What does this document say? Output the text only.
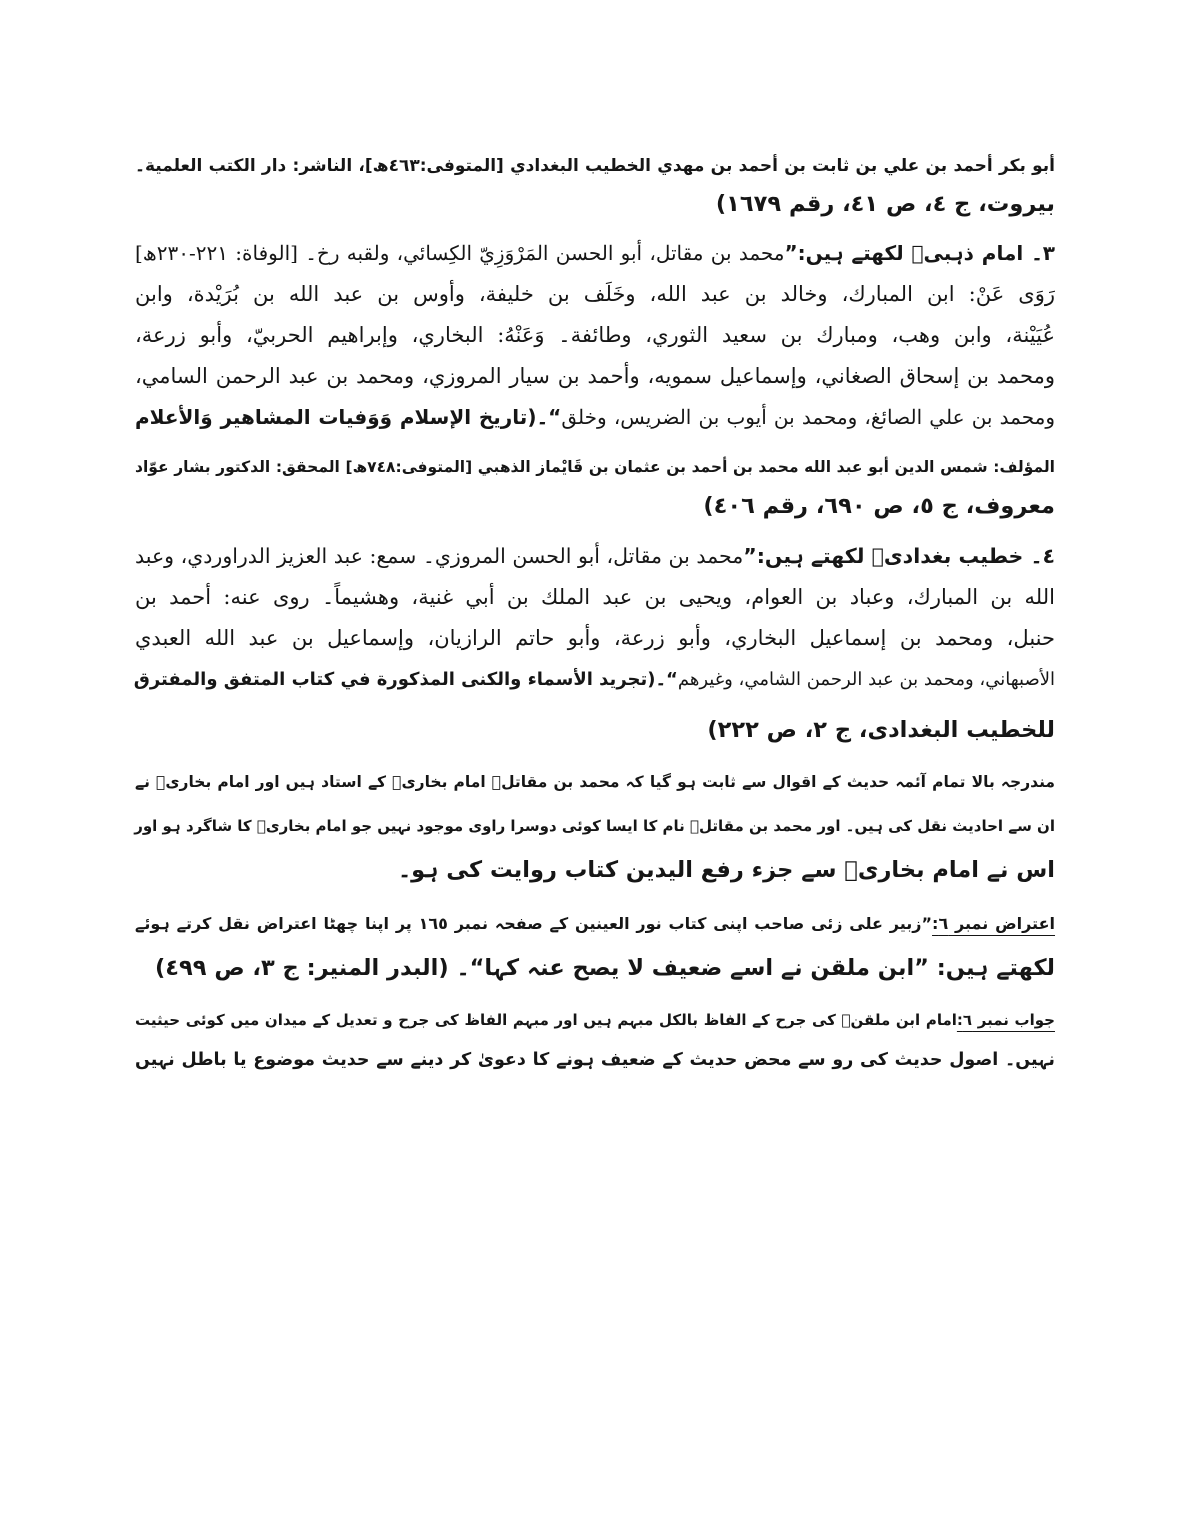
أبو بكر أحمد بن علي بن ثابت بن أحمد بن مهدي الخطيب البغدادي [المتوفى:٤٦٣ھ]، الناشر: دار الكتب العلمية۔

بیروت، ج ٤، ص ٤١، رقم ١٦٧٩)

٣۔ امام ذہبیؒ لکھتے ہیں:”محمد بن مقاتل، أبو الحسن المَرْوَزِيّ الكِسائي، ولقبه رخ۔ [الوفاة: ٢٢١-٢٣٠ھ]

رَوَى عَنْ: ابن المبارك، وخالد بن عبد الله، وخَلَف بن خليفة، وأوس بن عبد الله بن بُرَيْدة، وابن

عُيَيْنة، وابن وهب، ومبارك بن سعيد الثوري، وطائفة۔ وَعَنْهُ: البخاري، وإبراهيم الحربيّ، وأبو زرعة،

ومحمد بن إسحاق الصغاني، وإسماعيل سمويه، وأحمد بن سيار المروزي، ومحمد بن عبد الرحمن السامي،

ومحمد بن علي الصائغ، ومحمد بن أيوب بن الضريس، وخلق“۔(تاریخ الإسلام وَوَفيات المشاهير وَالأعلام

المؤلف: شمس الدين أبو عبد الله محمد بن أحمد بن عثمان بن قَايْماز الذهبي [المتوفى:٧٤٨ھ] المحقق: الدكتور بشار عوّاد

معروف، ج ٥، ص ٦٩٠، رقم ٤٠٦)

٤۔ خطیب بغدادیؒ لکھتے ہیں:”محمد بن مقاتل، أبو الحسن المروزي۔ سمع: عبد العزيز الدراوردي، وعبد

الله بن المبارك، وعباد بن العوام، ويحيى بن عبد الملك بن أبي غنية، وهشيماً۔ روى عنه: أحمد بن

حنبل، ومحمد بن إسماعيل البخاري، وأبو زرعة، وأبو حاتم الرازيان، وإسماعيل بن عبد الله العبدي

الأصبهاني، ومحمد بن عبد الرحمن الشامي، وغيرهم“۔(تجريد الأسماء والكنى المذكورة في كتاب المتفق والمفترق

للخطيب البغدادی، ج ٢، ص ٢٢٢)

مندرجہ بالا تمام آئمہ حدیث کے اقوال سے ثابت ہو گیا کہ محمد بن مقاتلؒ امام بخاریؒ کے استاد ہیں اور امام بخاریؒ نے

ان سے احادیث نقل کی ہیں۔ اور محمد بن مقاتلؒ نام کا ایسا کوئی دوسرا راوی موجود نہیں جو امام بخاریؒ کا شاگرد ہو اور

اس نے امام بخاریؒ سے جزء رفع الیدین کتاب روایت کی ہو۔

اعتراض نمبر ٦:”زبیر علی زئی صاحب اپنی کتاب نور العینین کے صفحہ نمبر ١٦٥ پر اپنا چھٹا اعتراض نقل کرتے ہوئے

لکھتے ہیں: ”ابن ملقن نے اسے ضعیف لا یصح عنہ کہا“۔ (البدر المنیر: ج ٣، ص ٤٩٩)

جواب نمبر ٦:امام ابن ملقنؒ کی جرح کے الفاظ بالکل مبہم ہیں اور مبہم الفاظ کی جرح و تعدیل کے میدان میں کوئی حیثیت

نہیں۔ اصول حدیث کی رو سے محض حدیث کے ضعیف ہونے کا دعویٰ کر دینے سے حدیث موضوع یا باطل نہیں
